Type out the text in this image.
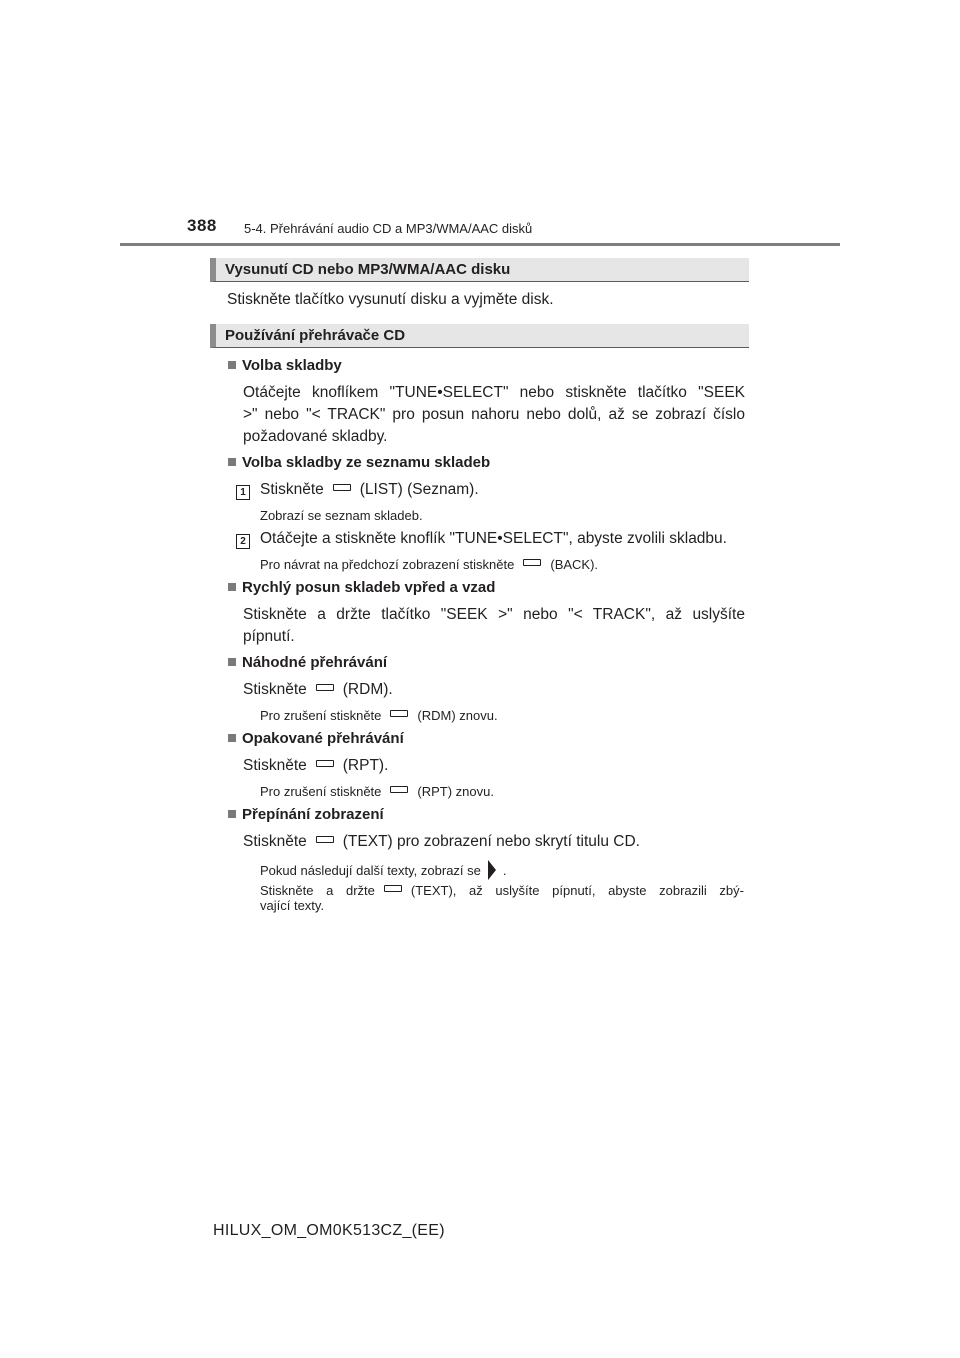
388 5-4. Přehrávání audio CD a MP3/WMA/AAC disků
Vysunutí CD nebo MP3/WMA/AAC disku
Stiskněte tlačítko vysunutí disku a vyjměte disk.
Používání přehrávače CD
Volba skladby
Otáčejte knoflíkem "TUNE•SELECT" nebo stiskněte tlačítko "SEEK
>" nebo "< TRACK" pro posun nahoru nebo dolů, až se zobrazí číslo
požadované skladby.
Volba skladby ze seznamu skladeb
1 Stiskněte (LIST) (Seznam).
Zobrazí se seznam skladeb.
2 Otáčejte a stiskněte knoflík "TUNE•SELECT", abyste zvolili skladbu.
Pro návrat na předchozí zobrazení stiskněte	(BACK).
Rychlý posun skladeb vpřed a vzad
Stiskněte a držte tlačítko "SEEK >" nebo "< TRACK", až uslyšíte
pípnutí.
Náhodné přehrávání
Stiskněte (RDM).
Pro zrušení stiskněte	(RDM) znovu.
Opakované přehrávání
Stiskněte (RPT).
Pro zrušení stiskněte	(RPT) znovu.
Přepínání zobrazení
Stiskněte (TEXT) pro zobrazení nebo skrytí titulu CD.
Pokud následují další texty, zobrazí se .
Stiskněte a držte	(TEXT), až uslyšíte pípnutí, abyste zobrazili zbý-
vající texty.
HILUX_OM_OM0K513CZ_(EE)
